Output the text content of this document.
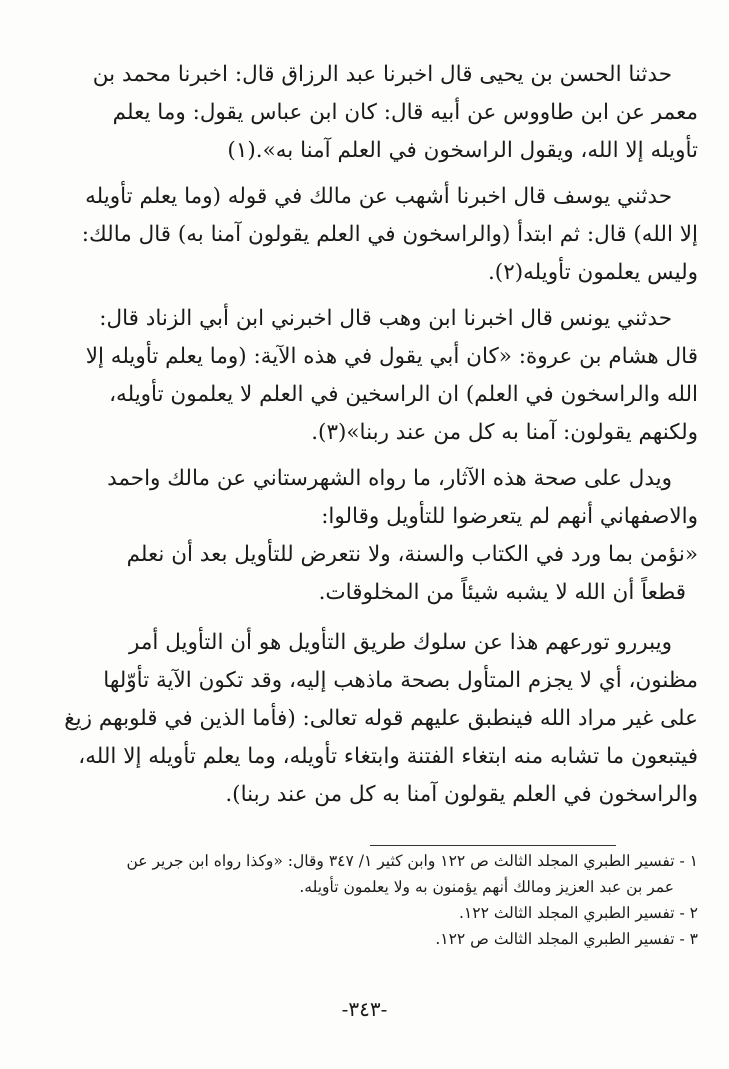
حدثنا الحسن بن يحيى قال اخبرنا عبد الرزاق قال: اخبرنا محمد بن

معمر عن ابن طاووس عن أبيه قال: كان ابن عباس يقول: وما يعلم

تأويله إلا الله، ويقول الراسخون في العلم آمنا به».(١)

حدثني يوسف قال اخبرنا أشهب عن مالك في قوله (وما يعلم تأويله

إلا الله) قال: ثم ابتدأ (والراسخون في العلم يقولون آمنا به) قال مالك:

وليس يعلمون تأويله(٢).

حدثني يونس قال اخبرنا ابن وهب قال اخبرني ابن أبي الزناد قال:

قال هشام بن عروة: «كان أبي يقول في هذه الآية: (وما يعلم تأويله إلا

الله والراسخون في العلم) ان الراسخين في العلم لا يعلمون تأويله،

ولكنهم يقولون: آمنا به كل من عند ربنا»(٣).

ويدل على صحة هذه الآثار، ما رواه الشهرستاني عن مالك واحمد

والاصفهاني أنهم لم يتعرضوا للتأويل وقالوا:

«نؤمن بما ورد في الكتاب والسنة، ولا نتعرض للتأويل بعد أن نعلم

قطعاً أن الله لا يشبه شيئاً من المخلوقات.

ويبررو تورعهم هذا عن سلوك طريق التأويل هو أن التأويل أمر

مظنون، أي لا يجزم المتأول بصحة ماذهب إليه، وقد تكون الآية تأوّلها

على غير مراد الله فينطبق عليهم قوله تعالى: (فأما الذين في قلوبهم زيغ

فيتبعون ما تشابه منه ابتغاء الفتنة وابتغاء تأويله، وما يعلم تأويله إلا الله،

والراسخون في العلم يقولون آمنا به كل من عند ربنا).

١ - تفسير الطبري المجلد الثالث ص ١٢٢ وابن كثير ١/ ٣٤٧ وقال: «وكذا رواه ابن جرير عن

عمر بن عبد العزيز ومالك أنهم يؤمنون به ولا يعلمون تأويله.

٢ - تفسير الطبري المجلد الثالث ١٢٢.

٣ - تفسير الطبري المجلد الثالث ص ١٢٢.

-٣٤٣-
